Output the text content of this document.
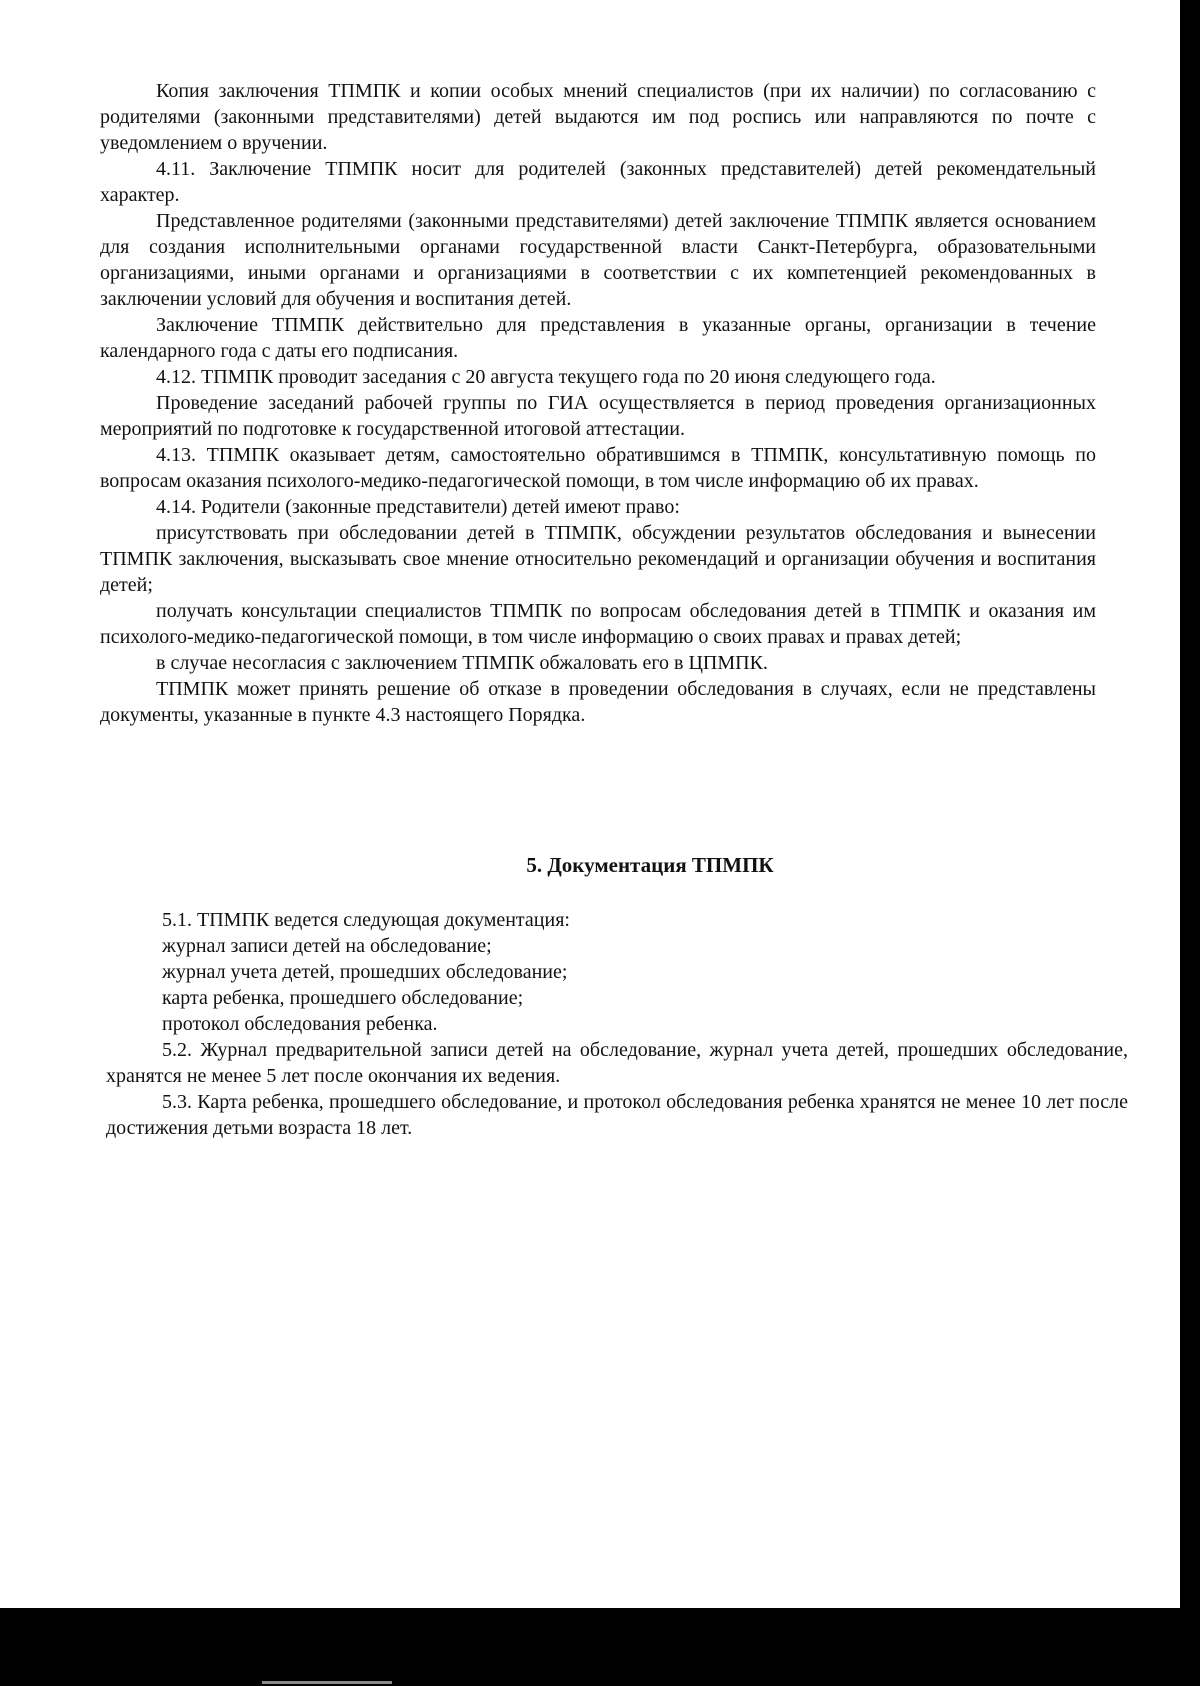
Копия заключения ТПМПК и копии особых мнений специалистов (при их наличии) по согласованию с родителями (законными представителями) детей выдаются им под роспись или направляются по почте с уведомлением о вручении.

4.11. Заключение ТПМПК носит для родителей (законных представителей) детей рекомендательный характер.

Представленное родителями (законными представителями) детей заключение ТПМПК является основанием для создания исполнительными органами государственной власти Санкт-Петербурга, образовательными организациями, иными органами и организациями в соответствии с их компетенцией рекомендованных в заключении условий для обучения и воспитания детей.

Заключение ТПМПК действительно для представления в указанные органы, организации в течение календарного года с даты его подписания.

4.12. ТПМПК проводит заседания с 20 августа текущего года по 20 июня следующего года.

Проведение заседаний рабочей группы по ГИА осуществляется в период проведения организационных мероприятий по подготовке к государственной итоговой аттестации.

4.13. ТПМПК оказывает детям, самостоятельно обратившимся в ТПМПК, консультативную помощь по вопросам оказания психолого-медико-педагогической помощи, в том числе информацию об их правах.

4.14. Родители (законные представители) детей имеют право:

присутствовать при обследовании детей в ТПМПК, обсуждении результатов обследования и вынесении ТПМПК заключения, высказывать свое мнение относительно рекомендаций и организации обучения и воспитания детей;

получать консультации специалистов ТПМПК по вопросам обследования детей в ТПМПК и оказания им психолого-медико-педагогической помощи, в том числе информацию о своих правах и правах детей;

в случае несогласия с заключением ТПМПК обжаловать его в ЦПМПК.

ТПМПК может принять решение об отказе в проведении обследования в случаях, если не представлены документы, указанные в пункте 4.3 настоящего Порядка.

5. Документация ТПМПК

5.1. ТПМПК ведется следующая документация:

журнал записи детей на обследование;

журнал учета детей, прошедших обследование;

карта ребенка, прошедшего обследование;

протокол обследования ребенка.

5.2. Журнал предварительной записи детей на обследование, журнал учета детей, прошедших обследование, хранятся не менее 5 лет после окончания их ведения.

5.3. Карта ребенка, прошедшего обследование, и протокол обследования ребенка хранятся не менее 10 лет после достижения детьми возраста 18 лет.
